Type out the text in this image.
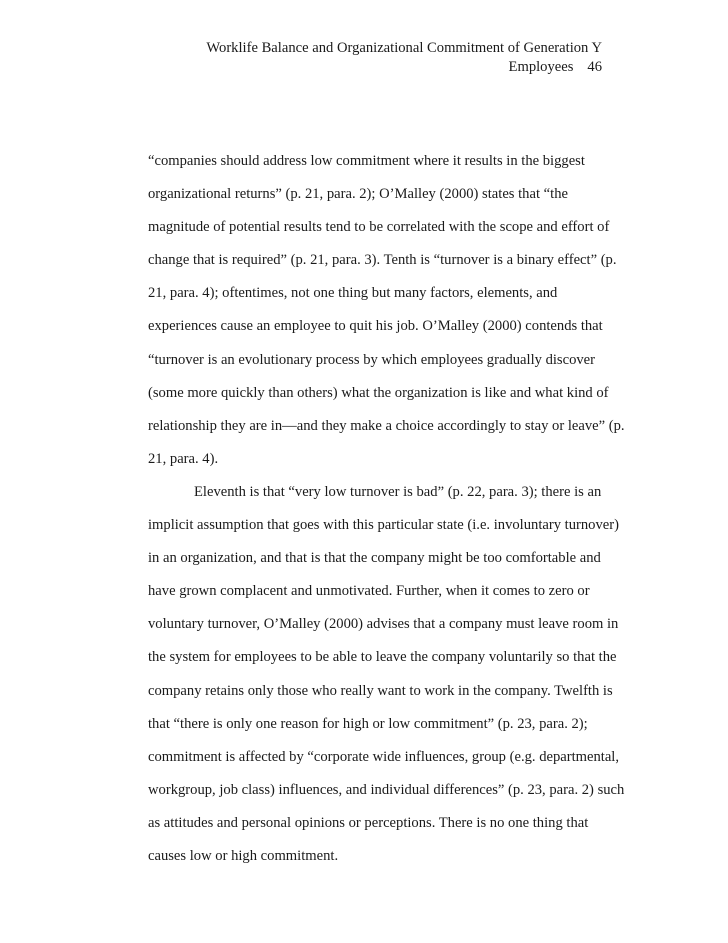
Worklife Balance and Organizational Commitment of Generation Y
Employees 46

“companies should address low commitment where it results in the biggest
organizational returns” (p. 21, para. 2); O’Malley (2000) states that “the
magnitude of potential results tend to be correlated with the scope and effort of
change that is required” (p. 21, para. 3). Tenth is “turnover is a binary effect” (p.
21, para. 4); oftentimes, not one thing but many factors, elements, and
experiences cause an employee to quit his job. O’Malley (2000) contends that
“turnover is an evolutionary process by which employees gradually discover
(some more quickly than others) what the organization is like and what kind of
relationship they are in—and they make a choice accordingly to stay or leave” (p.
21, para. 4).

Eleventh is that “very low turnover is bad” (p. 22, para. 3); there is an
implicit assumption that goes with this particular state (i.e. involuntary turnover)
in an organization, and that is that the company might be too comfortable and
have grown complacent and unmotivated. Further, when it comes to zero or
voluntary turnover, O’Malley (2000) advises that a company must leave room in
the system for employees to be able to leave the company voluntarily so that the
company retains only those who really want to work in the company. Twelfth is
that “there is only one reason for high or low commitment” (p. 23, para. 2);
commitment is affected by “corporate wide influences, group (e.g. departmental,
workgroup, job class) influences, and individual differences” (p. 23, para. 2) such
as attitudes and personal opinions or perceptions. There is no one thing that
causes low or high commitment.
